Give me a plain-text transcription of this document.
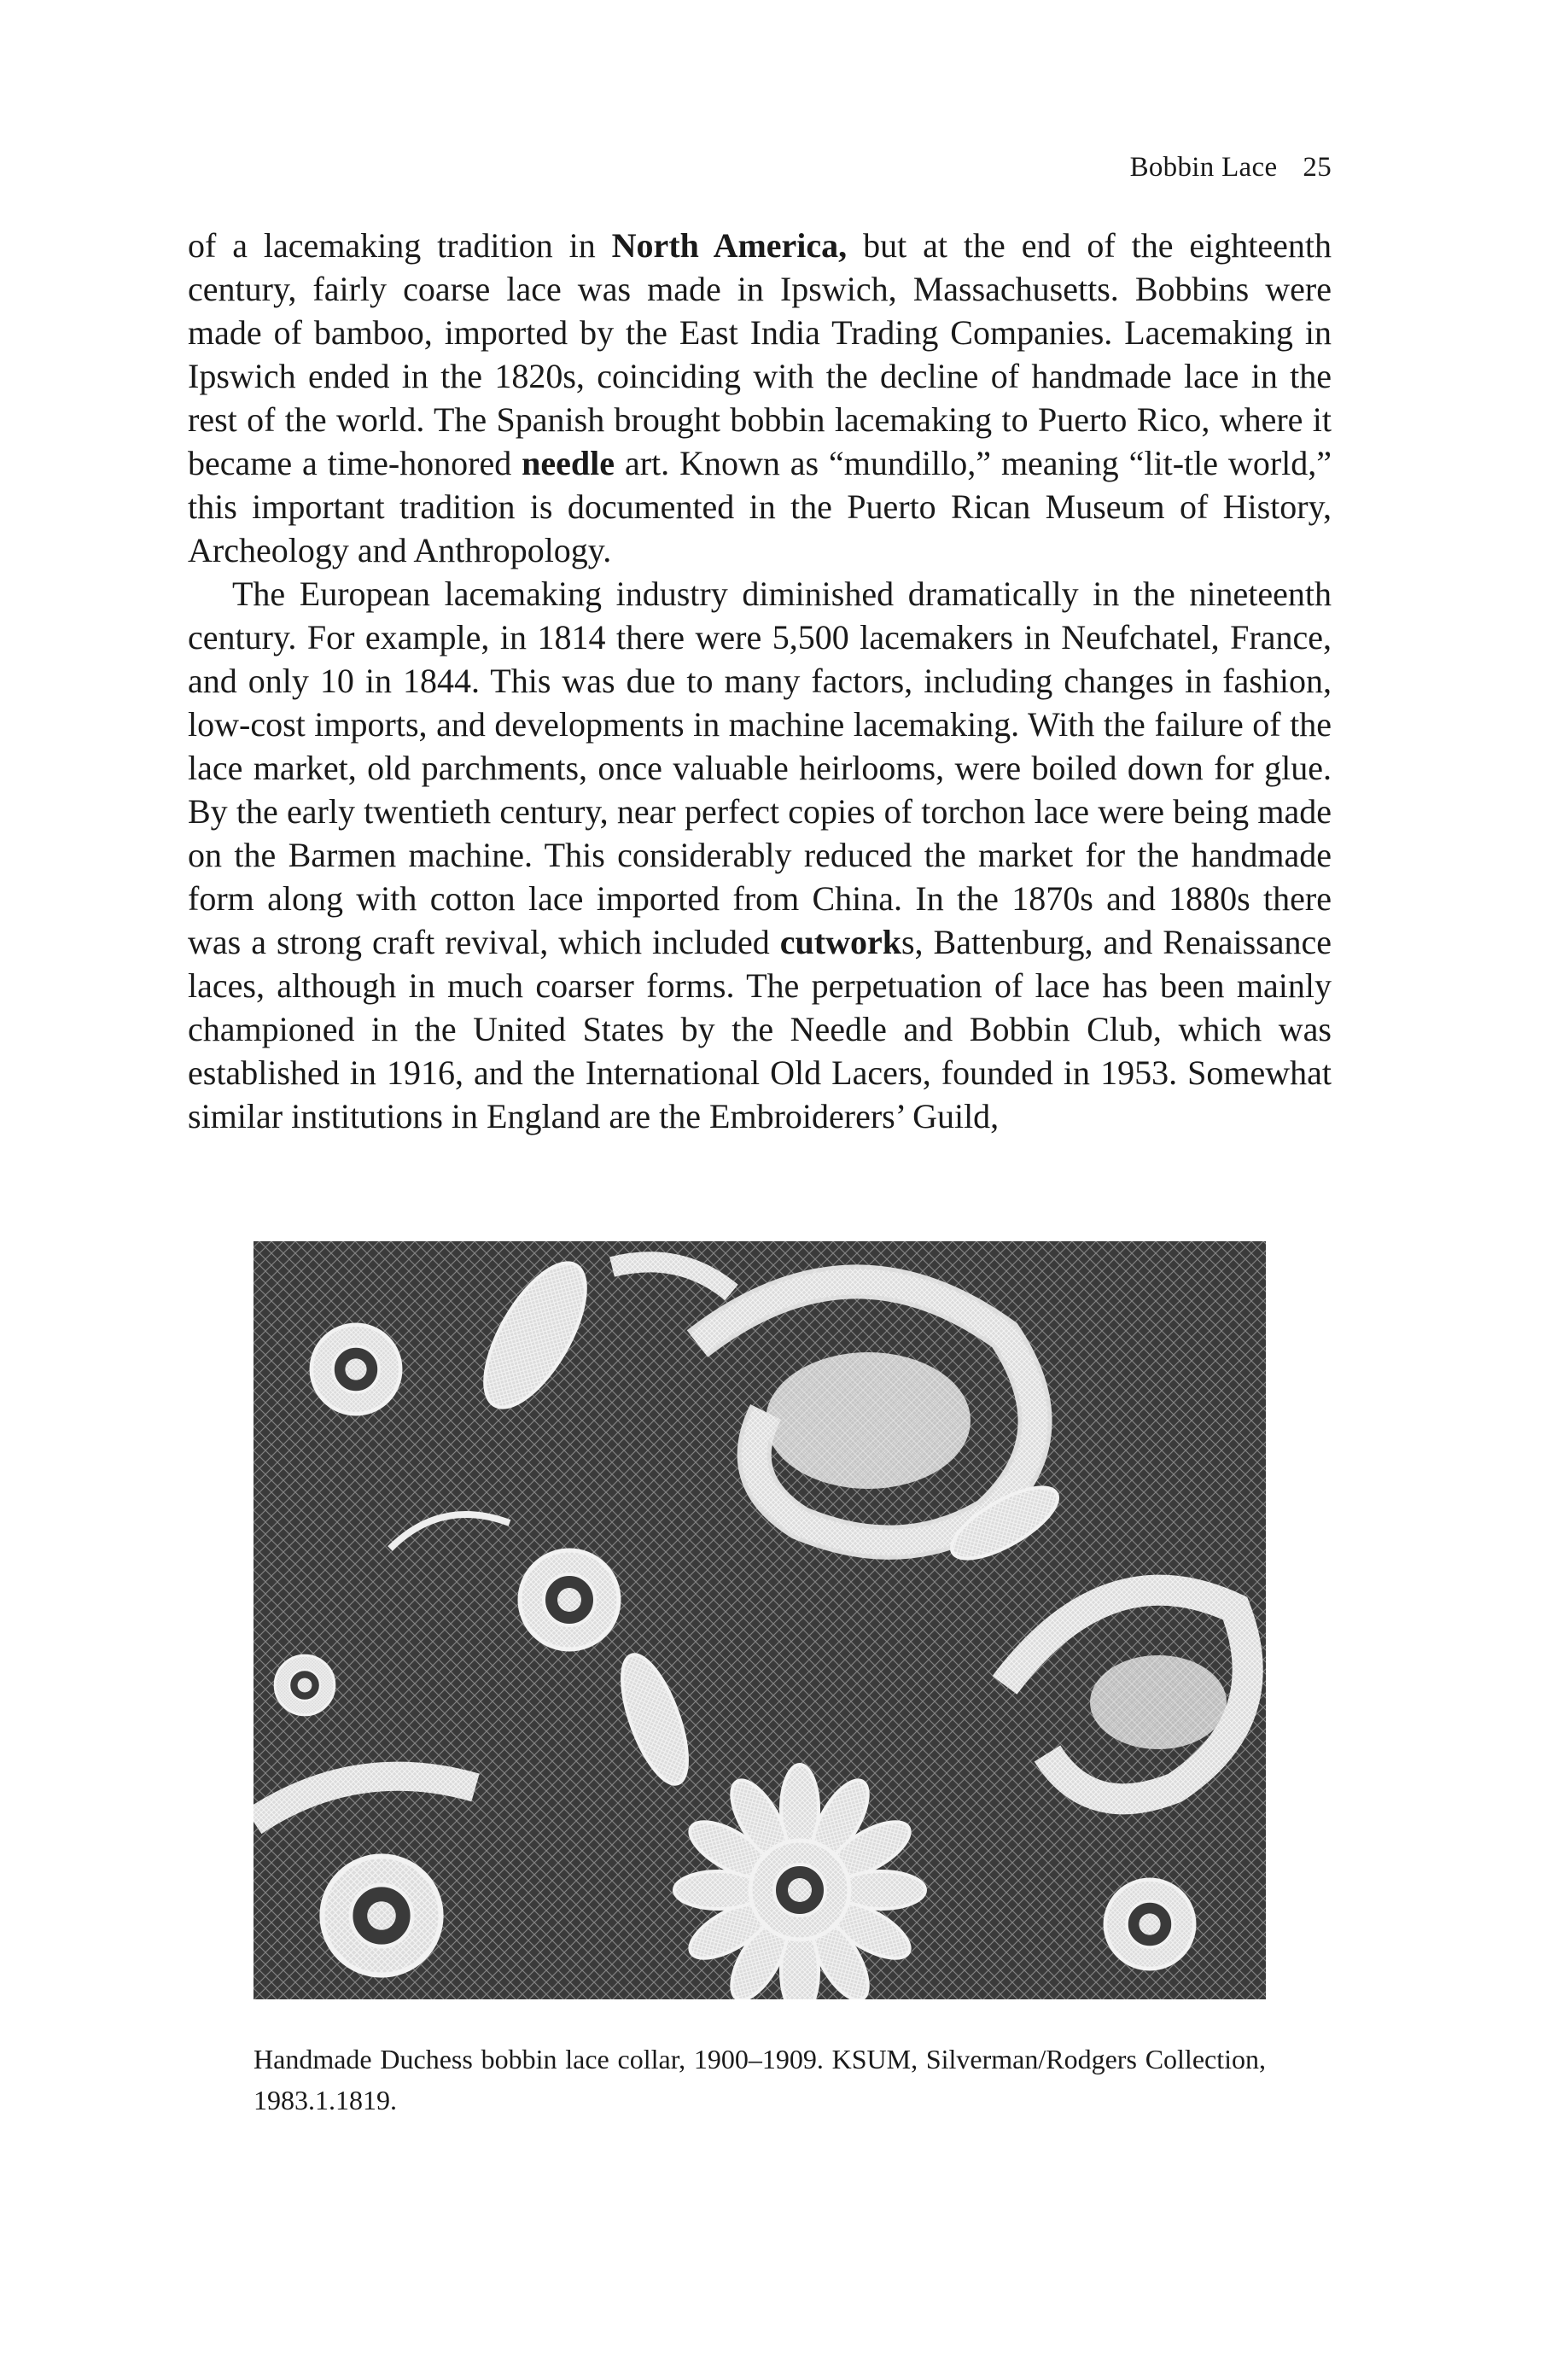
Bobbin Lace 25

of a lacemaking tradition in North America, but at the end of the eighteenth century, fairly coarse lace was made in Ipswich, Massachusetts. Bobbins were made of bamboo, imported by the East India Trading Companies. Lacemaking in Ipswich ended in the 1820s, coinciding with the decline of handmade lace in the rest of the world. The Spanish brought bobbin lacemaking to Puerto Rico, where it became a time-honored needle art. Known as “mundillo,” meaning “lit-tle world,” this important tradition is documented in the Puerto Rican Museum of History, Archeology and Anthropology.

The European lacemaking industry diminished dramatically in the nineteenth century. For example, in 1814 there were 5,500 lacemakers in Neufchatel, France, and only 10 in 1844. This was due to many factors, including changes in fashion, low-cost imports, and developments in machine lacemaking. With the failure of the lace market, old parchments, once valuable heirlooms, were boiled down for glue. By the early twentieth century, near perfect copies of torchon lace were being made on the Barmen machine. This considerably reduced the market for the handmade form along with cotton lace imported from China. In the 1870s and 1880s there was a strong craft revival, which included cutworks, Battenburg, and Renaissance laces, although in much coarser forms. The perpetuation of lace has been mainly championed in the United States by the Needle and Bobbin Club, which was established in 1916, and the International Old Lacers, founded in 1953. Somewhat similar institutions in England are the Embroiderers’ Guild,

Handmade Duchess bobbin lace collar, 1900–1909. KSUM, Silverman/Rodgers Collection, 1983.1.1819.
